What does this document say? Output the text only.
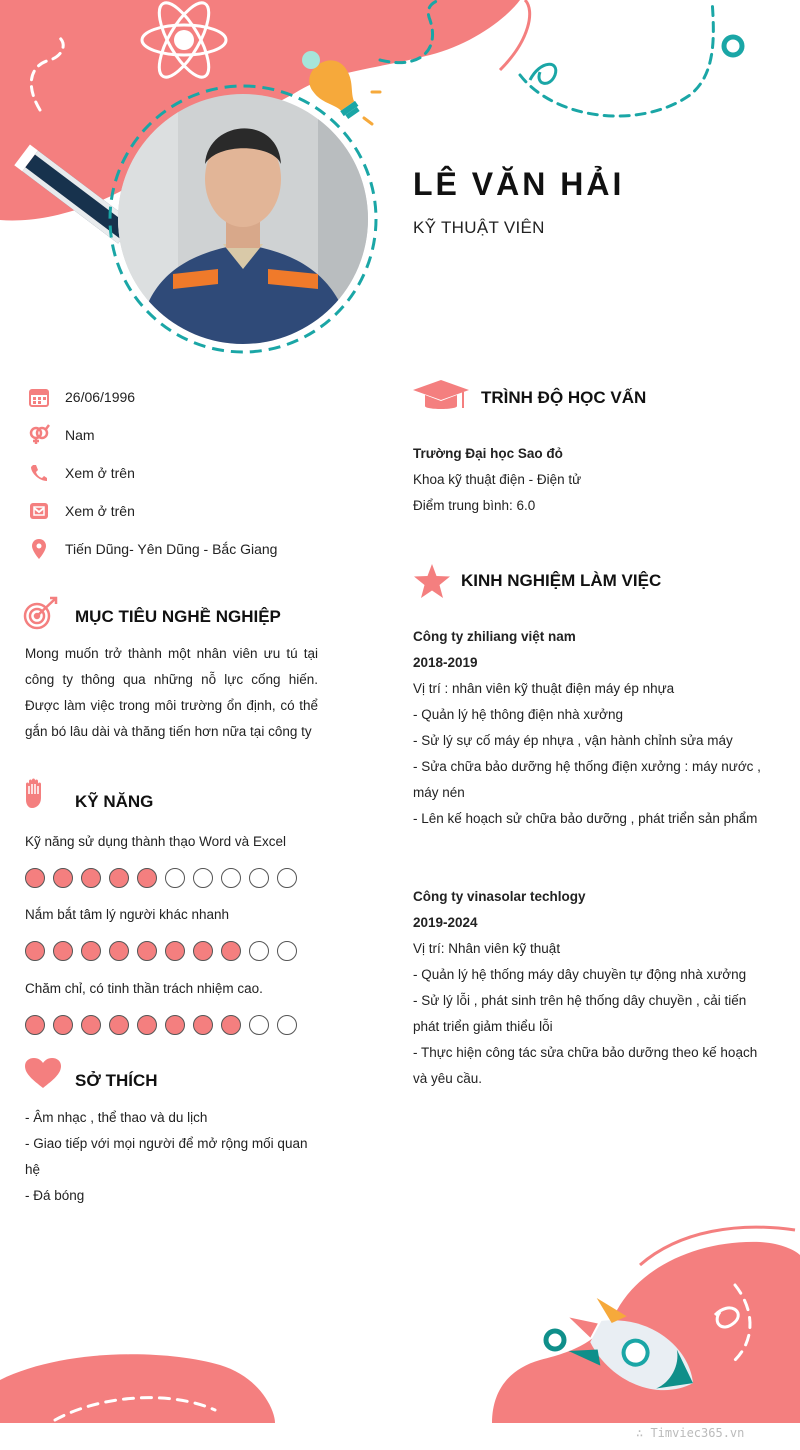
LÊ VĂN HẢI
KỸ THUẬT VIÊN
26/06/1996
Nam
Xem ở trên
Xem ở trên
Tiến Dũng- Yên Dũng - Bắc Giang
MỤC TIÊU NGHỀ NGHIỆP
Mong muốn trở thành một nhân viên ưu tú tại công ty thông qua những nỗ lực cống hiến. Được làm việc trong môi trường ổn định, có thể gắn bó lâu dài và thăng tiến hơn nữa tại công ty
KỸ NĂNG
Kỹ năng sử dụng thành thạo Word và Excel
Nắm bắt tâm lý người khác nhanh
Chăm chỉ, có tinh thần trách nhiệm cao.
SỞ THÍCH
- Âm nhạc , thể thao và du lịch
- Giao tiếp với mọi người để mở rộng mối quan hệ
- Đá bóng
TRÌNH ĐỘ HỌC VẤN
Trường Đại học Sao đỏ
Khoa kỹ thuật điện - Điện tử
Điểm trung bình: 6.0
KINH NGHIỆM LÀM VIỆC
Công ty zhiliang việt nam
2018-2019
Vị trí : nhân viên kỹ thuật điện máy ép nhựa
- Quản lý hệ thông điện nhà xưởng
- Sử lý sự cố máy ép nhựa , vận hành chỉnh sửa máy
- Sửa chữa bảo dưỡng hệ thống điện xưởng : máy nước , máy nén
- Lên kế hoạch sử chữa bảo dưỡng , phát triển sản phẩm
Công ty vinasolar techlogy
2019-2024
Vị trí: Nhân viên kỹ thuật
- Quản lý hệ thống máy dây chuyền tự động nhà xưởng
- Sử lý lỗi , phát sinh trên hệ thống dây chuyền , cải tiến phát triển giảm thiểu lỗi
- Thực hiện công tác sửa chữa bảo dưỡng theo kế hoạch và yêu cầu.
∴ Timviec365.vn
